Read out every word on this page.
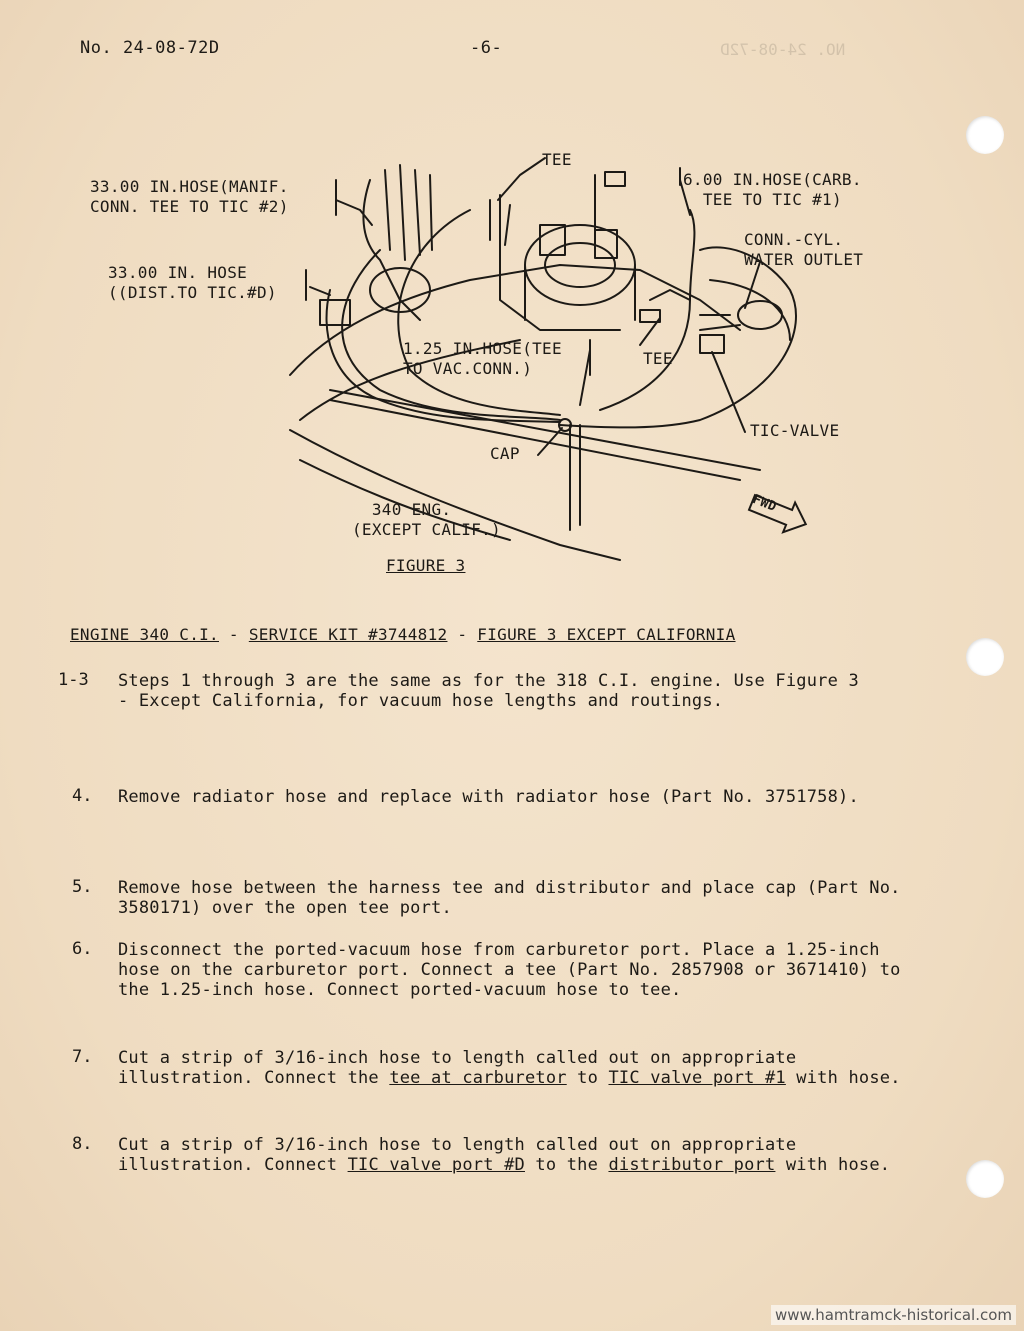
NO. 24-08-72D
No. 24-08-72D	-6-
33.00 IN.HOSE(MANIF.
CONN. TEE TO TIC #2)
33.00 IN. HOSE
((DIST.TO TIC.#D)
TEE
6.00 IN.HOSE(CARB.
TEE TO TIC #1)
CONN.-CYL.
WATER OUTLET
1.25 IN.HOSE(TEE
TO VAC.CONN.)
TEE
TIC-VALVE
CAP
FWD
340 ENG.
(EXCEPT CALIF.)
FIGURE 3
ENGINE 340 C.I. - SERVICE KIT #3744812 - FIGURE 3 EXCEPT CALIFORNIA
1-3 Steps 1 through 3 are the same as for the 318 C.I. engine. Use Figure 3 - Except California, for vacuum hose lengths and routings.
4. Remove radiator hose and replace with radiator hose (Part No. 3751758).
5. Remove hose between the harness tee and distributor and place cap (Part No. 3580171) over the open tee port.
6. Disconnect the ported-vacuum hose from carburetor port. Place a 1.25-inch hose on the carburetor port. Connect a tee (Part No. 2857908 or 3671410) to the 1.25-inch hose. Connect ported-vacuum hose to tee.
7. Cut a strip of 3/16-inch hose to length called out on appropriate illustration. Connect the tee at carburetor to TIC valve port #1 with hose.
8. Cut a strip of 3/16-inch hose to length called out on appropriate illustration. Connect TIC valve port #D to the distributor port with hose.
www.hamtramck-historical.com
